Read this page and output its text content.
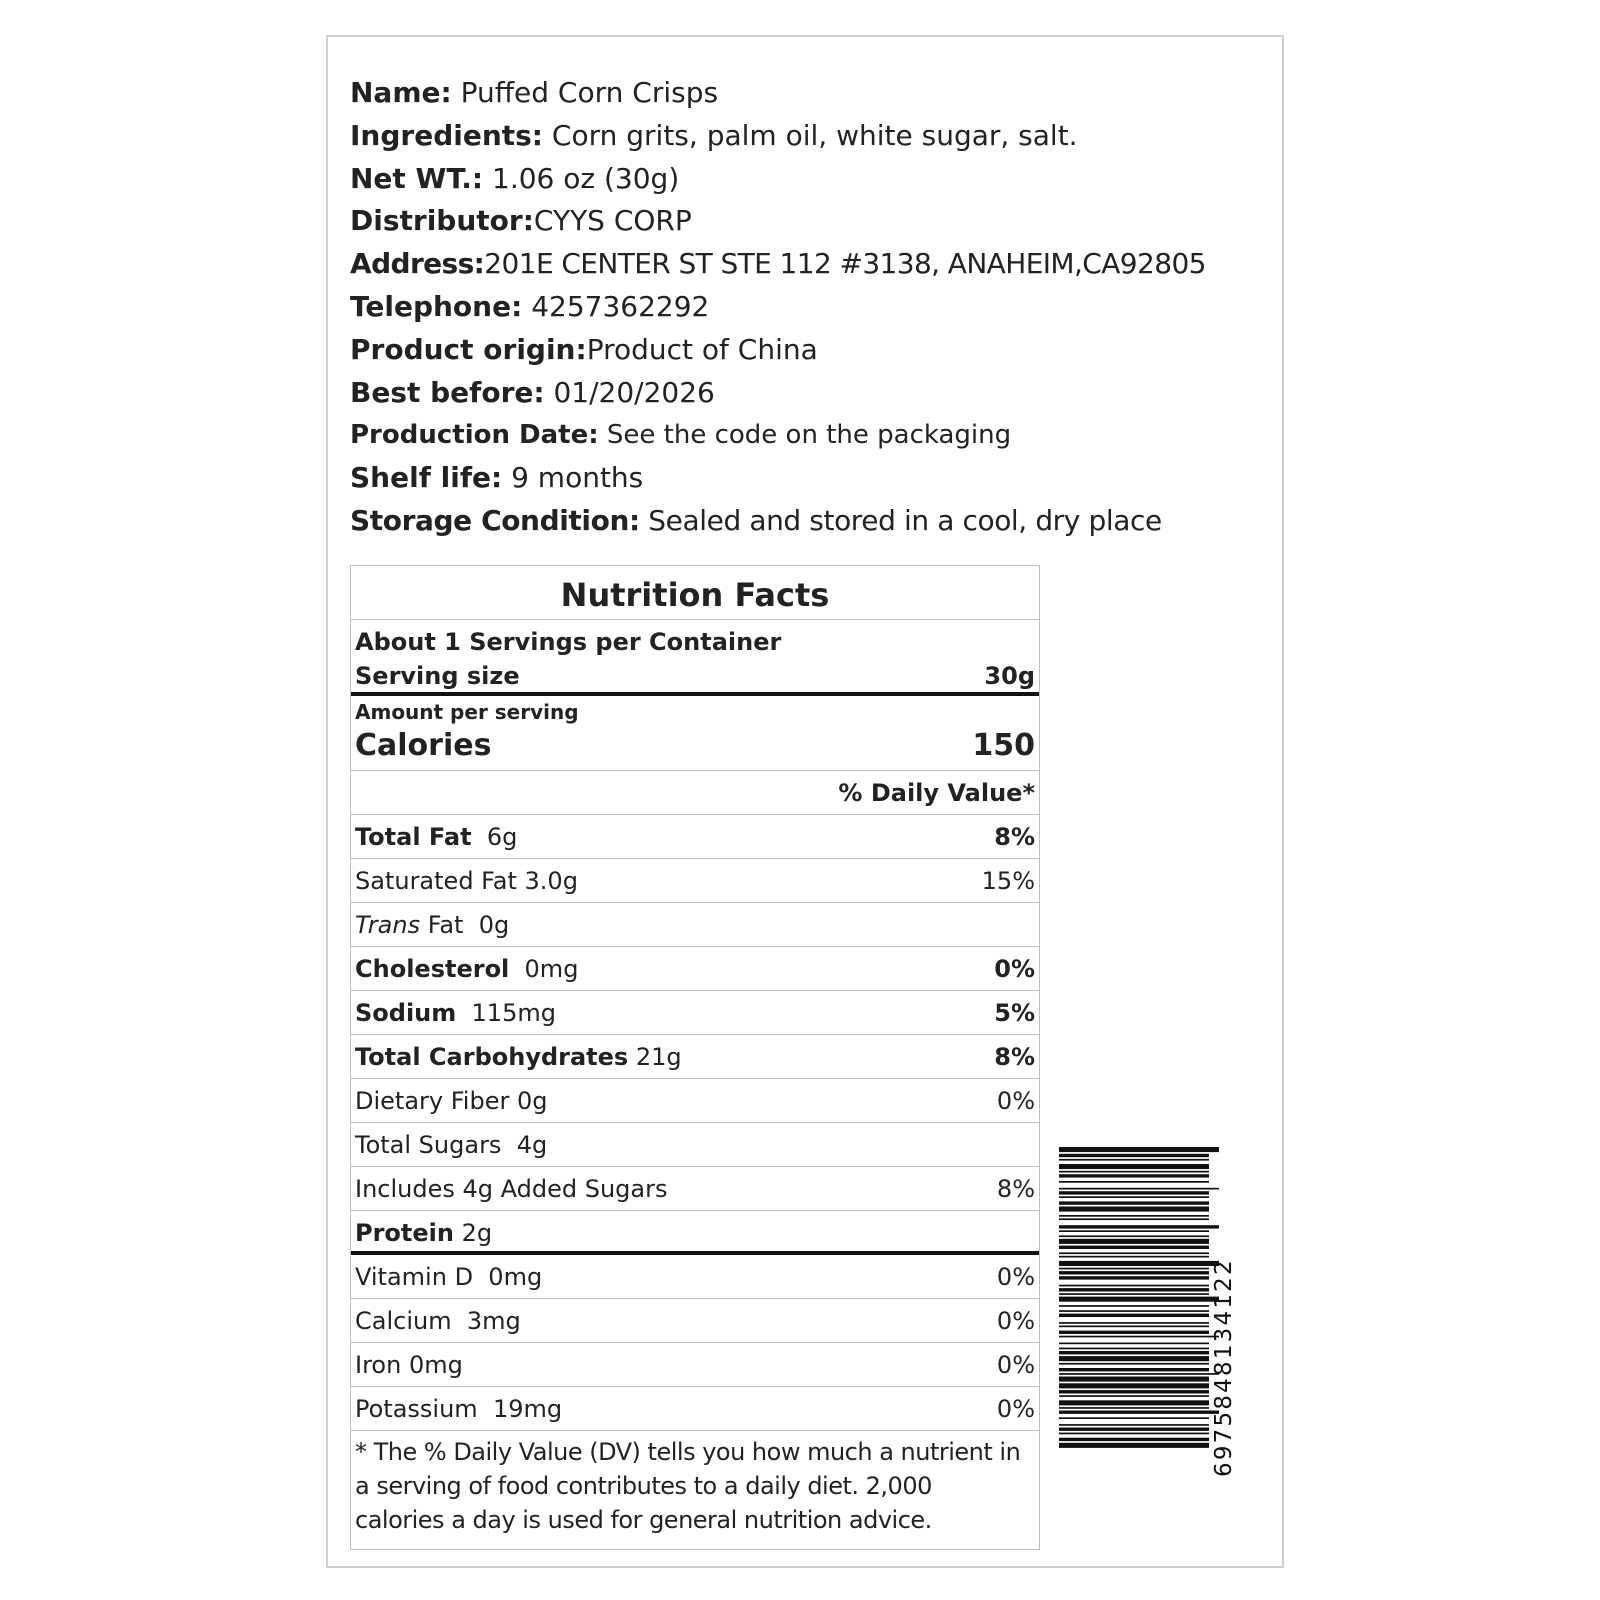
Name: Puffed Corn Crisps
Ingredients: Corn grits, palm oil, white sugar, salt.
Net WT.: 1.06 oz (30g)
Distributor:CYYS CORP
Address:201E CENTER ST STE 112 #3138, ANAHEIM,CA92805
Telephone: 4257362292
Product origin:Product of China
Best before: 01/20/2026
Production Date: See the code on the packaging
Shelf life: 9 months
Storage Condition: Sealed and stored in a cool, dry place
Nutrition Facts
About 1 Servings per Container
Serving size	30g
Amount per serving
Calories	150
% Daily Value*
Total Fat  6g	8%
Saturated Fat 3.0g	15%
Trans Fat  0g
Cholesterol  0mg	0%
Sodium  115mg	5%
Total Carbohydrates 21g	8%
Dietary Fiber 0g	0%
Total Sugars  4g
Includes 4g Added Sugars	8%
Protein 2g
Vitamin D  0mg	0%
Calcium  3mg	0%
Iron 0mg	0%
Potassium  19mg	0%
* The % Daily Value (DV) tells you how much a nutrient in
a serving of food contributes to a daily diet. 2,000
calories a day is used for general nutrition advice.
6975848134122
